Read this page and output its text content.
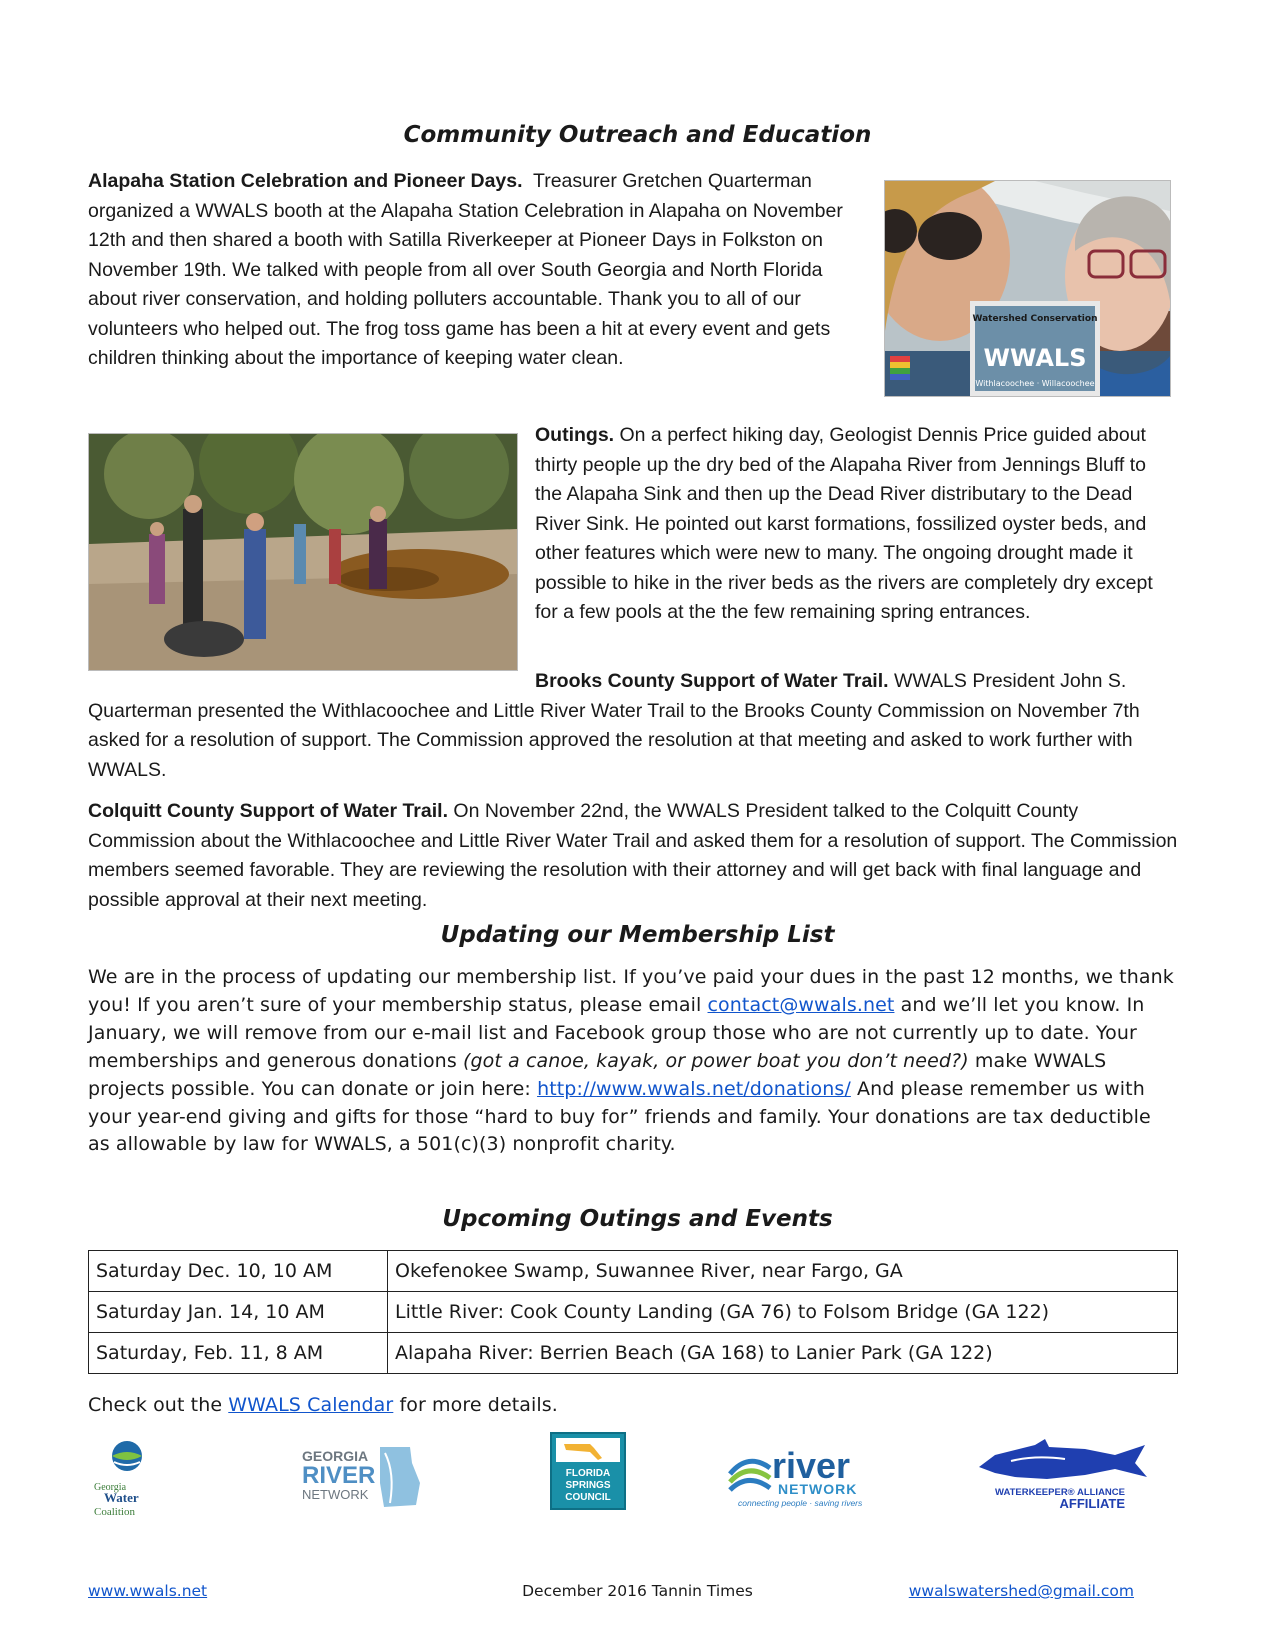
Community Outreach and Education

Alapaha Station Celebration and Pioneer Days. Treasurer Gretchen Quarterman organized a WWALS booth at the Alapaha Station Celebration in Alapaha on November 12th and then shared a booth with Satilla Riverkeeper at Pioneer Days in Folkston on November 19th. We talked with people from all over South Georgia and North Florida about river conservation, and holding polluters accountable. Thank you to all of our volunteers who helped out. The frog toss game has been a hit at every event and gets children thinking about the importance of keeping water clean.

Watershed Conservation
WWALS
Withlacoochee · Willacoochee

Outings. On a perfect hiking day, Geologist Dennis Price guided about thirty people up the dry bed of the Alapaha River from Jennings Bluff to the Alapaha Sink and then up the Dead River distributary to the Dead River Sink. He pointed out karst formations, fossilized oyster beds, and other features which were new to many. The ongoing drought made it possible to hike in the river beds as the rivers are completely dry except for a few pools at the the few remaining spring entrances.

Brooks County Support of Water Trail. WWALS President John S. Quarterman presented the Withlacoochee and Little River Water Trail to the Brooks County Commission on November 7th asked for a resolution of support. The Commission approved the resolution at that meeting and asked to work further with WWALS.

Colquitt County Support of Water Trail. On November 22nd, the WWALS President talked to the Colquitt County Commission about the Withlacoochee and Little River Water Trail and asked them for a resolution of support. The Commission members seemed favorable. They are reviewing the resolution with their attorney and will get back with final language and possible approval at their next meeting.

Updating our Membership List

We are in the process of updating our membership list. If you’ve paid your dues in the past 12 months, we thank you! If you aren’t sure of your membership status, please email contact@wwals.net and we’ll let you know. In January, we will remove from our e-mail list and Facebook group those who are not currently up to date. Your memberships and generous donations (got a canoe, kayak, or power boat you don’t need?) make WWALS projects possible. You can donate or join here: http://www.wwals.net/donations/ And please remember us with your year-end giving and gifts for those “hard to buy for” friends and family. Your donations are tax deductible as allowable by law for WWALS, a 501(c)(3) nonprofit charity.

Upcoming Outings and Events
Saturday Dec. 10, 10 AM	Okefenokee Swamp, Suwannee River, near Fargo, GA
Saturday Jan. 14, 10 AM	Little River: Cook County Landing (GA 76) to Folsom Bridge (GA 122)
Saturday, Feb. 11, 8 AM	Alapaha River: Berrien Beach (GA 168) to Lanier Park (GA 122)

Check out the WWALS Calendar for more details.

Georgia
Water
Coalition
GEORGIA
RIVER
NETWORK
FLORIDA
SPRINGS
COUNCIL
river
NETWORK
connecting people · saving rivers
WATERKEEPER® ALLIANCE
AFFILIATE
www.wwals.net	December 2016 Tannin Times	wwalswatershed@gmail.com
